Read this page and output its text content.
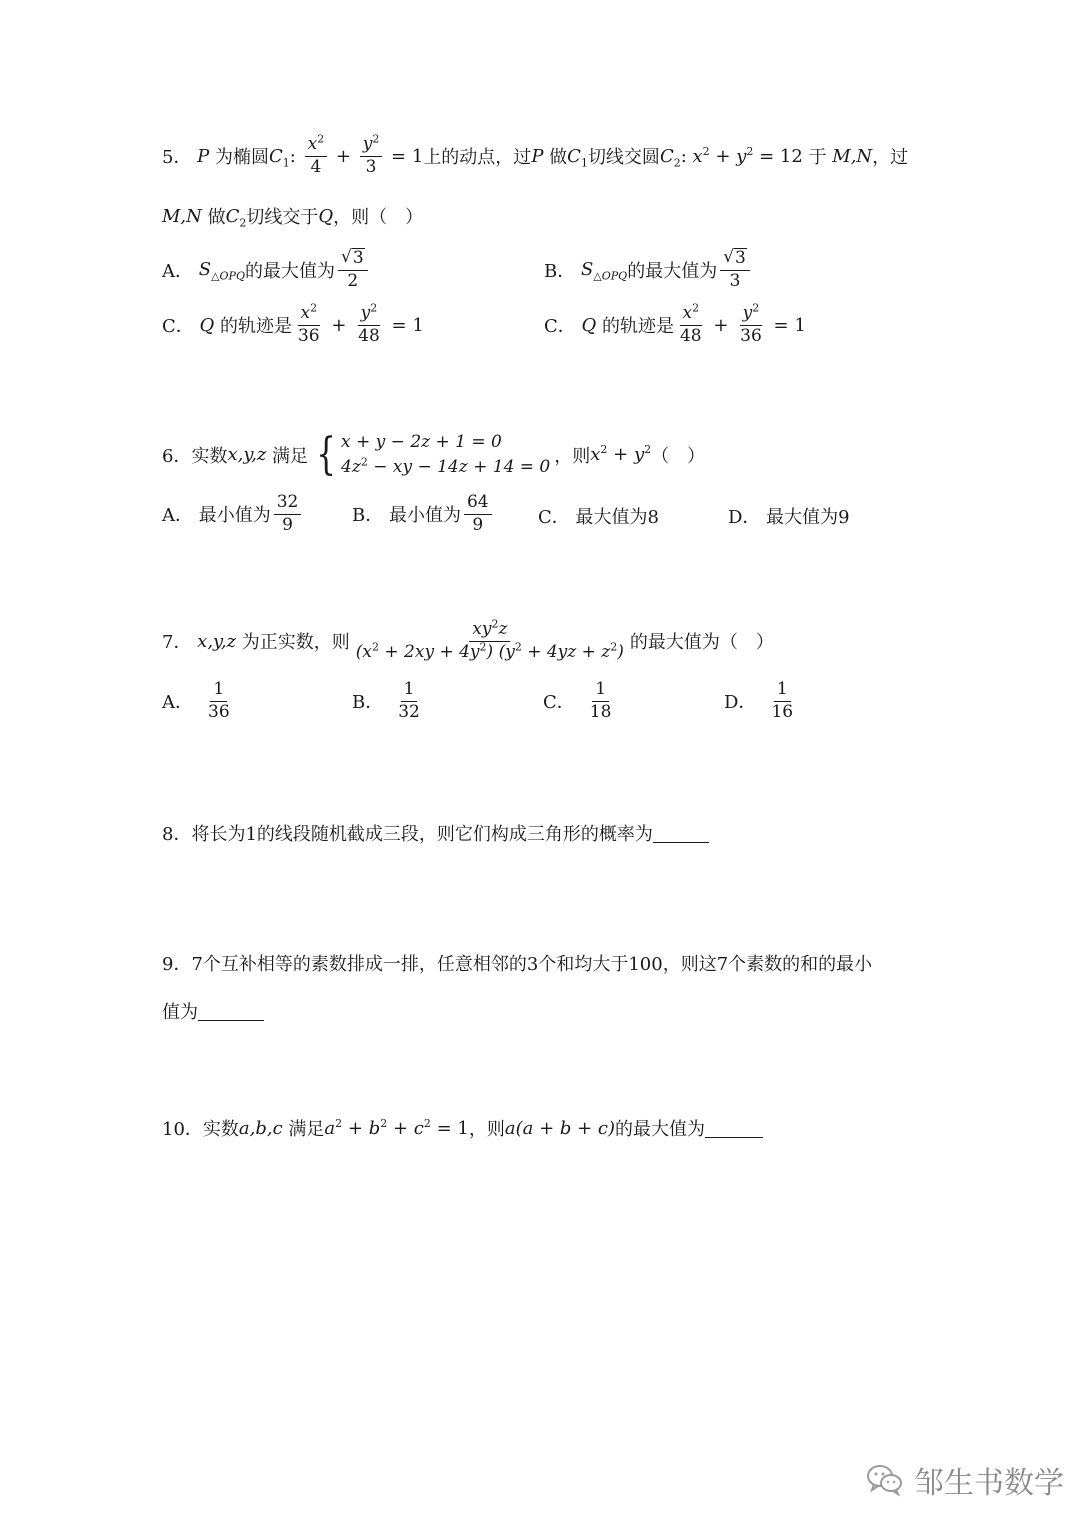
5． P 为椭圆 $C_1$ : $\frac{x^2}{4} + \frac{y^2}{3} = 1$ 上的动点，过 P 做 $C_1$ 切线交圆 $C_2$ : $x^2 + y^2 = 12$ 于 M,N ，过
M,N 做 $C_2$ 切线交于 Q ，则（　）
A． $S_{\triangle OPQ}$ 的最大值为 $\frac{√ 3}{2}$	B． $S_{\triangle OPQ}$ 的最大值为 $\frac{√ 3}{3}$
C． Q 的轨迹是 $\frac{x^2}{36} + \frac{y^2}{48} = 1$	C． Q 的轨迹是 $\frac{x^2}{48} + \frac{y^2}{36} = 1$
6． 实数 x,y,z 满足 { x + y − 2z + 1 = 0
$4z^2$ − xy − 14z + 14 = 0 ，则 $x^2 + y^2$ （　）
A．
最小值为 $\frac{32}{9}$	B．
最小值为 $\frac{64}{9}$	C．
最大值为8	D．
最大值为9
7． x,y,z 为正实数，则 $\frac{xy^2z}{(x^2 + 2xy + 4y^2) (y^2 + 4yz + z^2)}$ 的最大值为（　）
A． $\frac{1}{36}$	B． $\frac{1}{32}$	C． $\frac{1}{18}$	D． $\frac{1}{16}$
8． 将长为1的线段随机截成三段，则它们构成三角形的概率为
9． 7个互补相等的素数排成一排，任意相邻的3个和均大于100，则这7个素数的和的最小
值为
10． 实数 a,b,c 满足 $a^2 + b^2 + c^2 = 1$ ，则 a(a + b + c) 的最大值为
邹生书数学
